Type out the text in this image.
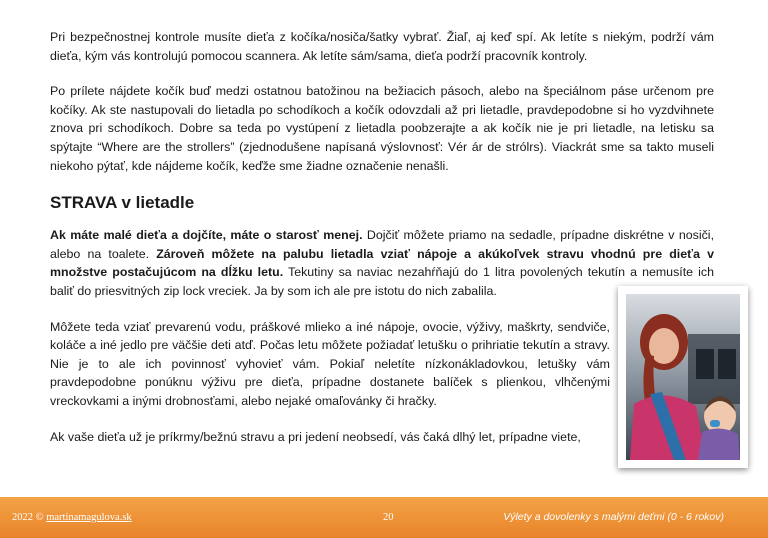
Pri bezpečnostnej kontrole musíte dieťa z kočíka/nosiča/šatky vybrať. Žiaľ, aj keď spí. Ak letíte s niekým, podrží vám dieťa, kým vás kontrolujú pomocou scannera. Ak letíte sám/sama, dieťa podrží pracovník kontroly.

Po prílete nájdete kočík buď medzi ostatnou batožinou na bežiacich pásoch, alebo na špeciálnom páse určenom pre kočíky. Ak ste nastupovali do lietadla po schodíkoch a kočík odovzdali až pri lietadle, pravdepodobne si ho vyzdvihnete znova pri schodíkoch. Dobre sa teda po vystúpení z lietadla poobzerajte a ak kočík nie je pri lietadle, na letisku sa spýtajte “Where are the strollers” (zjednodušene napísaná výslovnosť: Vér ár de strólrs). Viackrát sme sa takto museli niekoho pýtať, kde nájdeme kočík, keďže sme žiadne označenie nenašli.

STRAVA v lietadle

Ak máte malé dieťa a dojčíte, máte o starosť menej. Dojčiť môžete priamo na sedadle, prípadne diskrétne v nosiči, alebo na toalete. Zároveň môžete na palubu lietadla vziať nápoje a akúkoľvek stravu vhodnú pre dieťa v množstve postačujúcom na dĺžku letu. Tekutiny sa naviac nezahŕňajú do 1 litra povolených tekutín a nemusíte ich baliť do priesvitných zip lock vreciek. Ja by som ich ale pre istotu do nich zabalila.

Môžete teda vziať prevarenú vodu, práškové mlieko a iné nápoje, ovocie, výživy, maškrty, sendviče, koláče a iné jedlo pre väčšie deti atď. Počas letu môžete požiadať letušku o prihriatie tekutín a stravy. Nie je to ale ich povinnosť vyhovieť vám. Pokiaľ neletíte nízkonákladovkou, letušky vám pravdepodobne ponúknu výživu pre dieťa, prípadne dostanete balíček s plienkou, vlhčenými vreckovkami a inými drobnosťami, alebo nejaké omaľovánky či hračky.

Ak vaše dieťa už je príkrmy/bežnú stravu a pri jedení neobsedí, vás čaká dlhý let, prípadne viete,

2022 © martinamagulova.sk	20	Výlety a dovolenky s malými deťmi (0 - 6 rokov)
